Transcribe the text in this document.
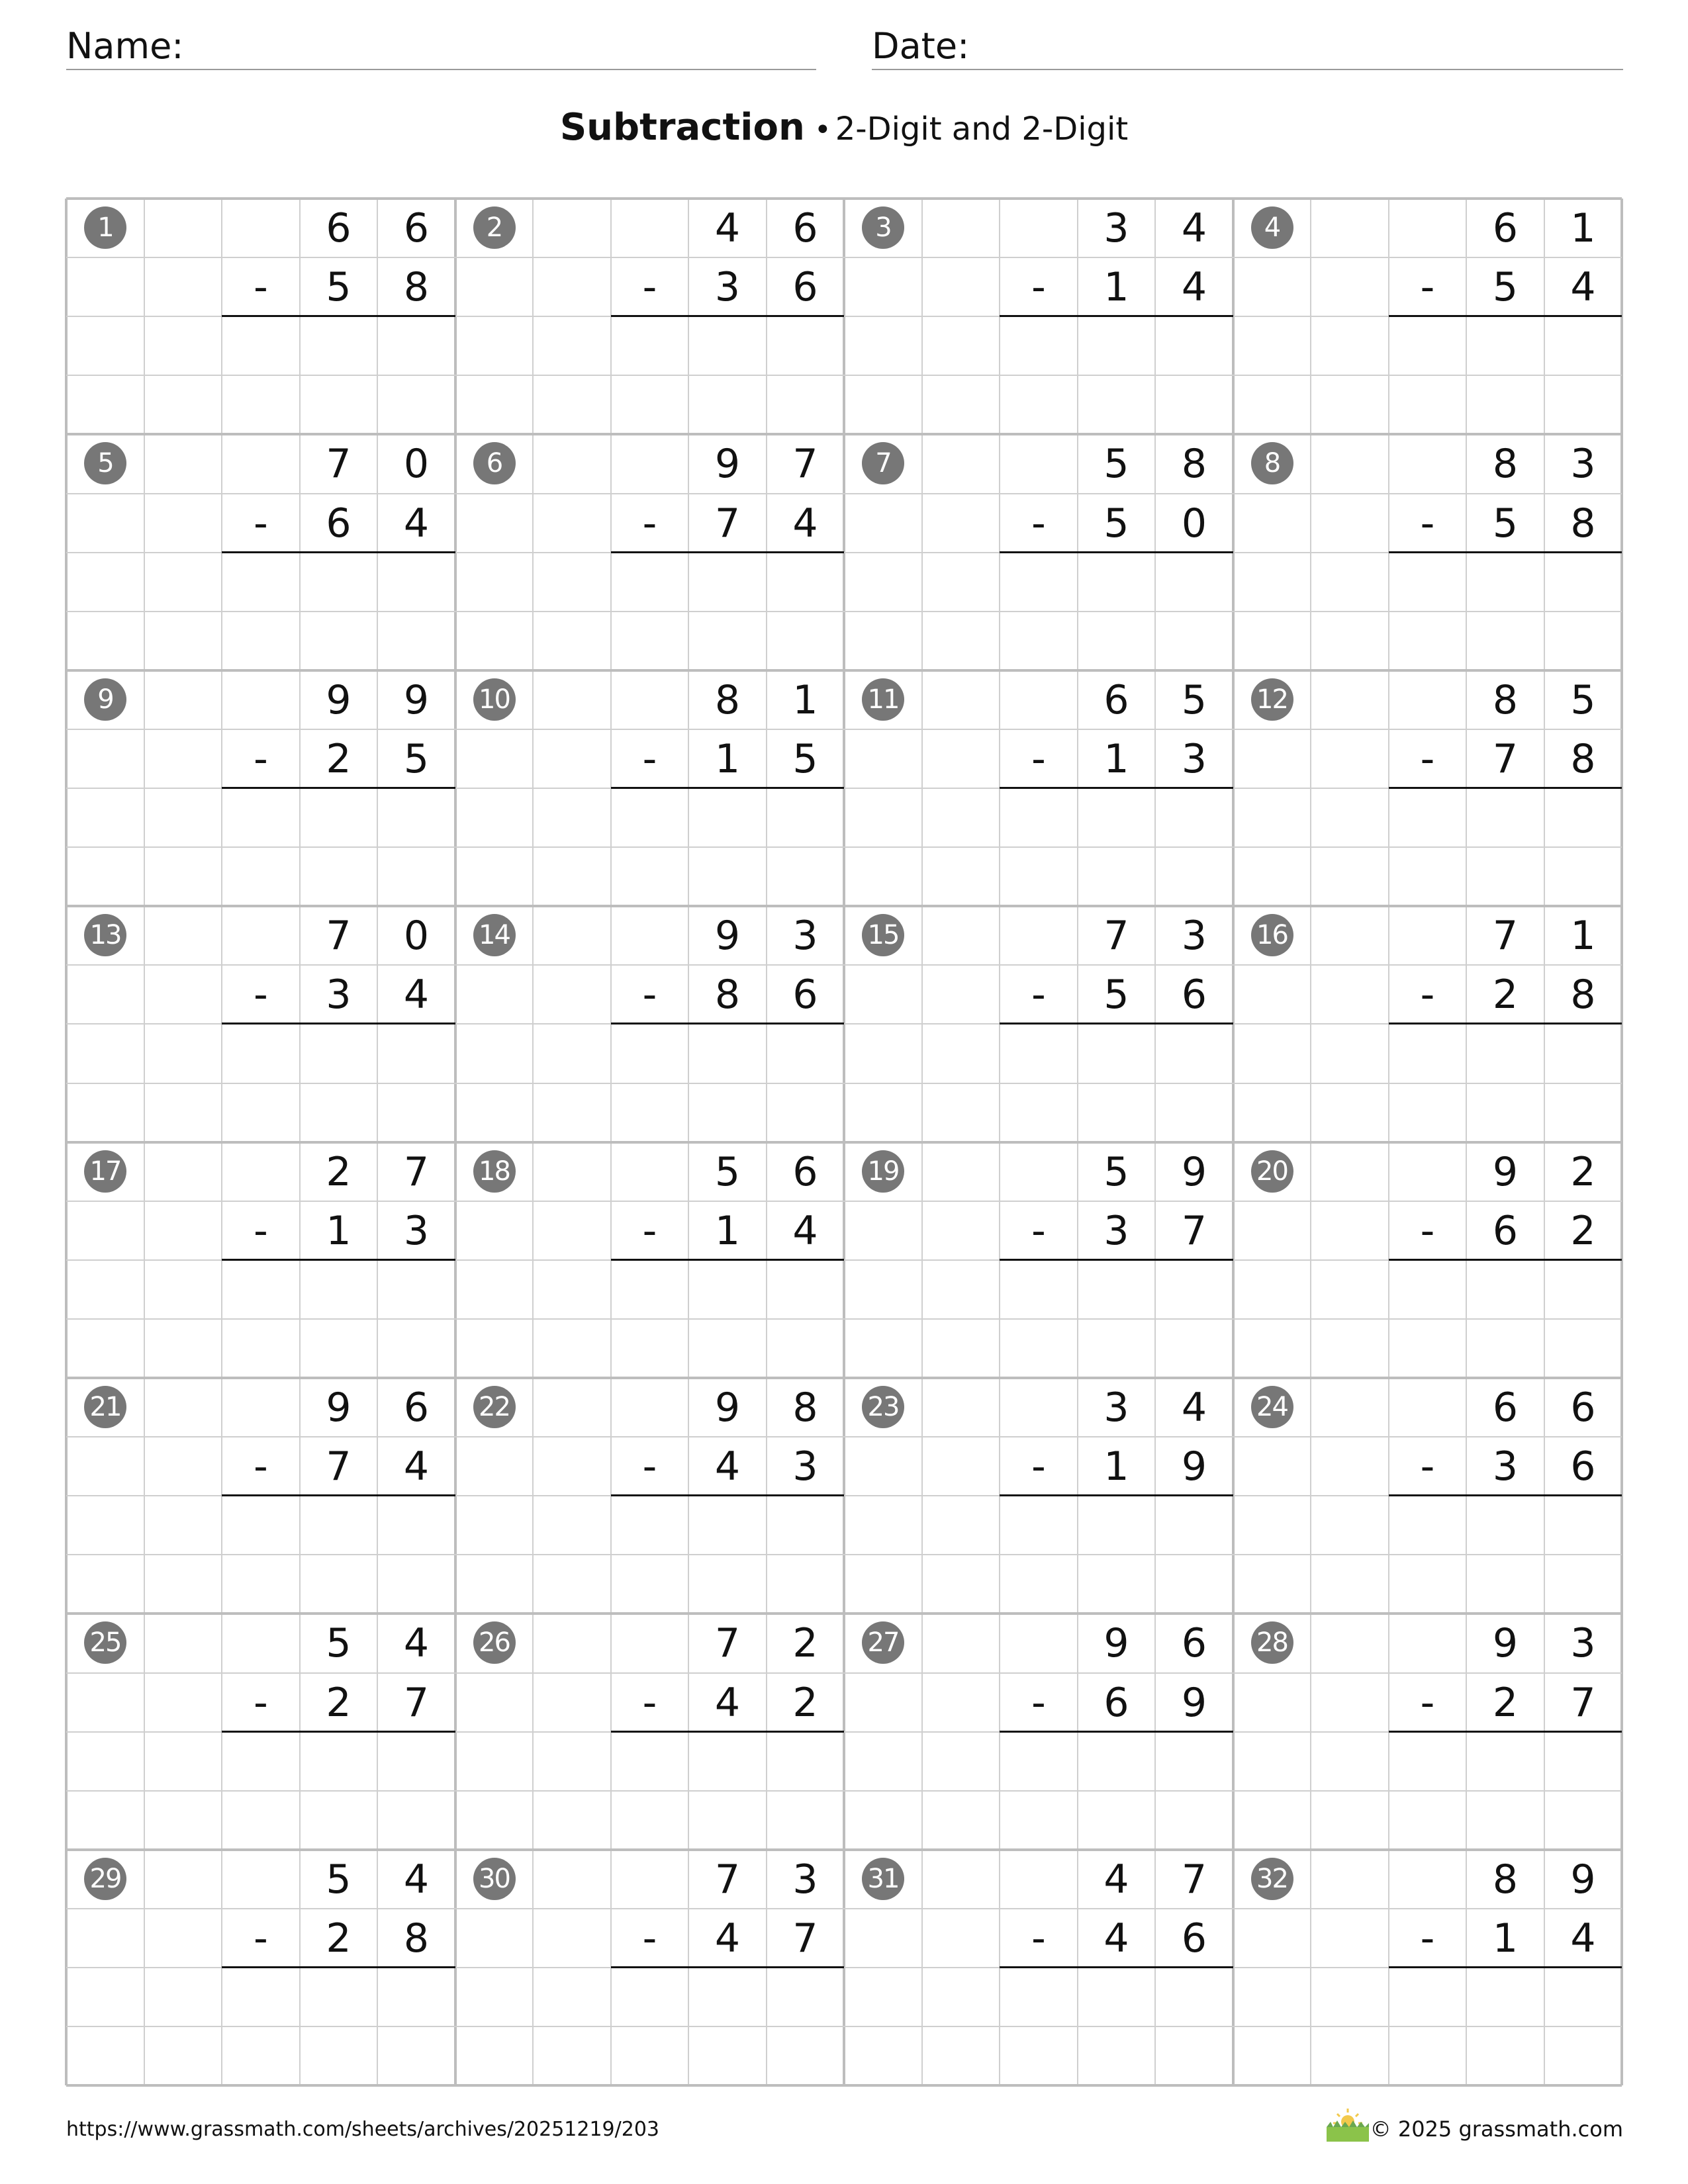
Name:	Date:
Subtraction • 2-Digit and 2-Digit
1	6	6
-	5	8
2	4	6
-	3	6
3	3	4
-	1	4
4	6	1
-	5	4
5	7	0
-	6	4
6	9	7
-	7	4
7	5	8
-	5	0
8	8	3
-	5	8
9	9	9
-	2	5
10	8	1
-	1	5
11	6	5
-	1	3
12	8	5
-	7	8
13	7	0
-	3	4
14	9	3
-	8	6
15	7	3
-	5	6
16	7	1
-	2	8
17	2	7
-	1	3
18	5	6
-	1	4
19	5	9
-	3	7
20	9	2
-	6	2
21	9	6
-	7	4
22	9	8
-	4	3
23	3	4
-	1	9
24	6	6
-	3	6
25	5	4
-	2	7
26	7	2
-	4	2
27	9	6
-	6	9
28	9	3
-	2	7
29	5	4
-	2	8
30	7	3
-	4	7
31	4	7
-	4	6
32	8	9
-	1	4
https://www.grassmath.com/sheets/archives/20251219/203	© 2025 grassmath.com
